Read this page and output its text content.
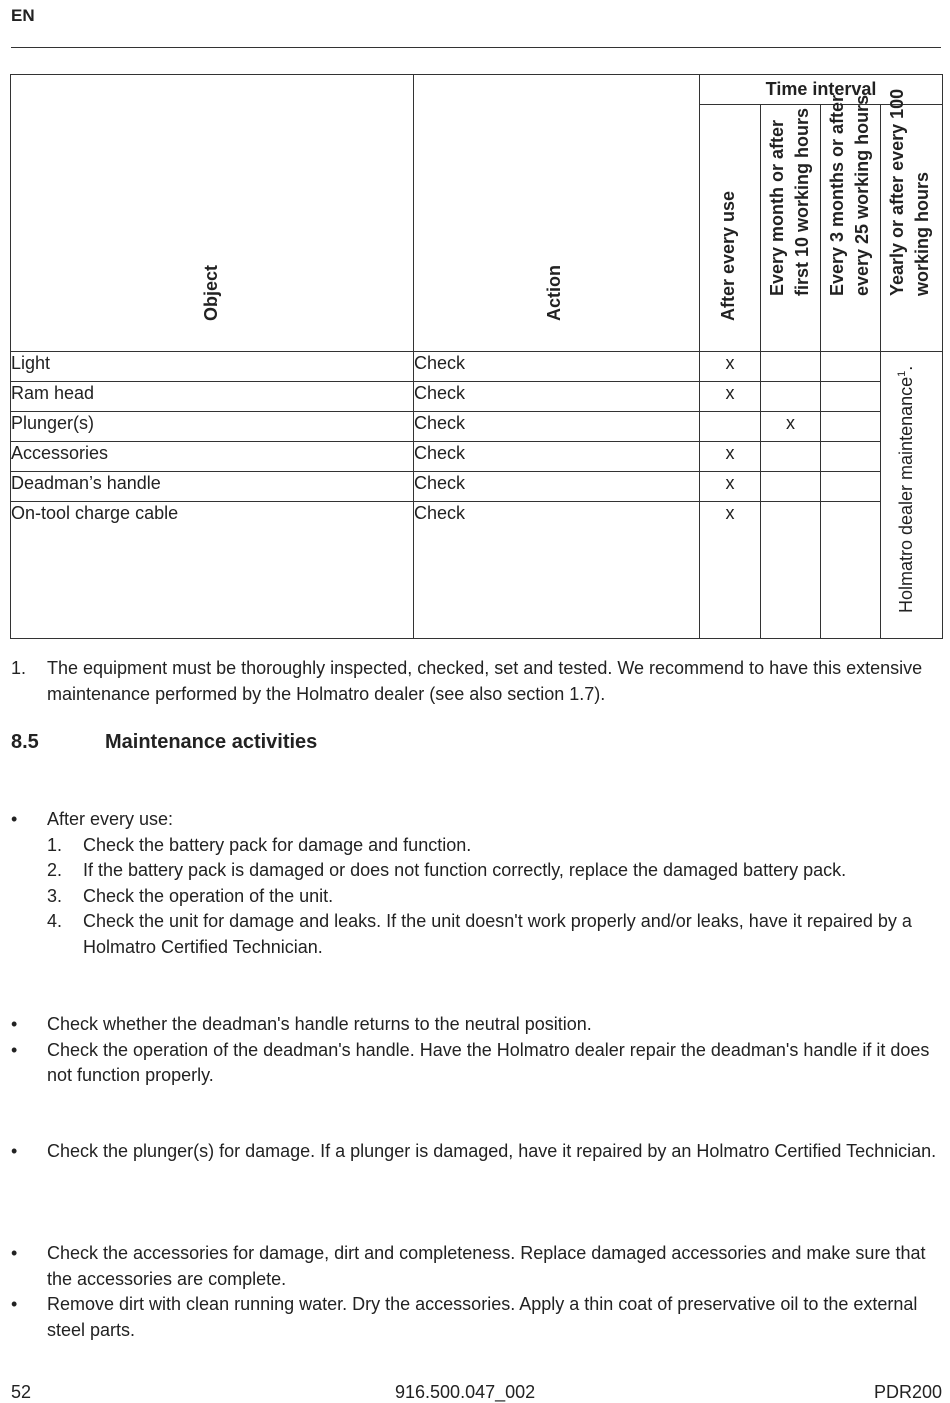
EN
Object	Action	Time interval			

		After every use	Every month or after first 10 working hours	Every 3 months or after every 25 working hours	Yearly or after every 100 working hours

Light	Check	x			Holmatro dealer maintenance$^1$.

Ram head	Check	x			
Plunger(s)	Check		x		
Accessories	Check	x			
Deadman’s handle	Check	x			
On-tool charge cable	Check	x			
1. The equipment must be thoroughly inspected, checked, set and tested. We recommend to have this extensive maintenance performed by the Holmatro dealer (see also section 1.7).
8.5	Maintenance activities
• After every use:
1. Check the battery pack for damage and function.
2. If the battery pack is damaged or does not function correctly, replace the damaged battery pack.
3. Check the operation of the unit.
4. Check the unit for damage and leaks. If the unit doesn't work properly and/or leaks, have it repaired by a Holmatro Certified Technician.
• Check whether the deadman's handle returns to the neutral position.
• Check the operation of the deadman's handle. Have the Holmatro dealer repair the deadman's handle if it does not function properly.
• Check the plunger(s) for damage. If a plunger is damaged, have it repaired by an Holmatro Certified Technician.
• Check the accessories for damage, dirt and completeness. Replace damaged accessories and make sure that the accessories are complete.
• Remove dirt with clean running water. Dry the accessories. Apply a thin coat of preservative oil to the external steel parts.
52	916.500.047_002	PDR200
